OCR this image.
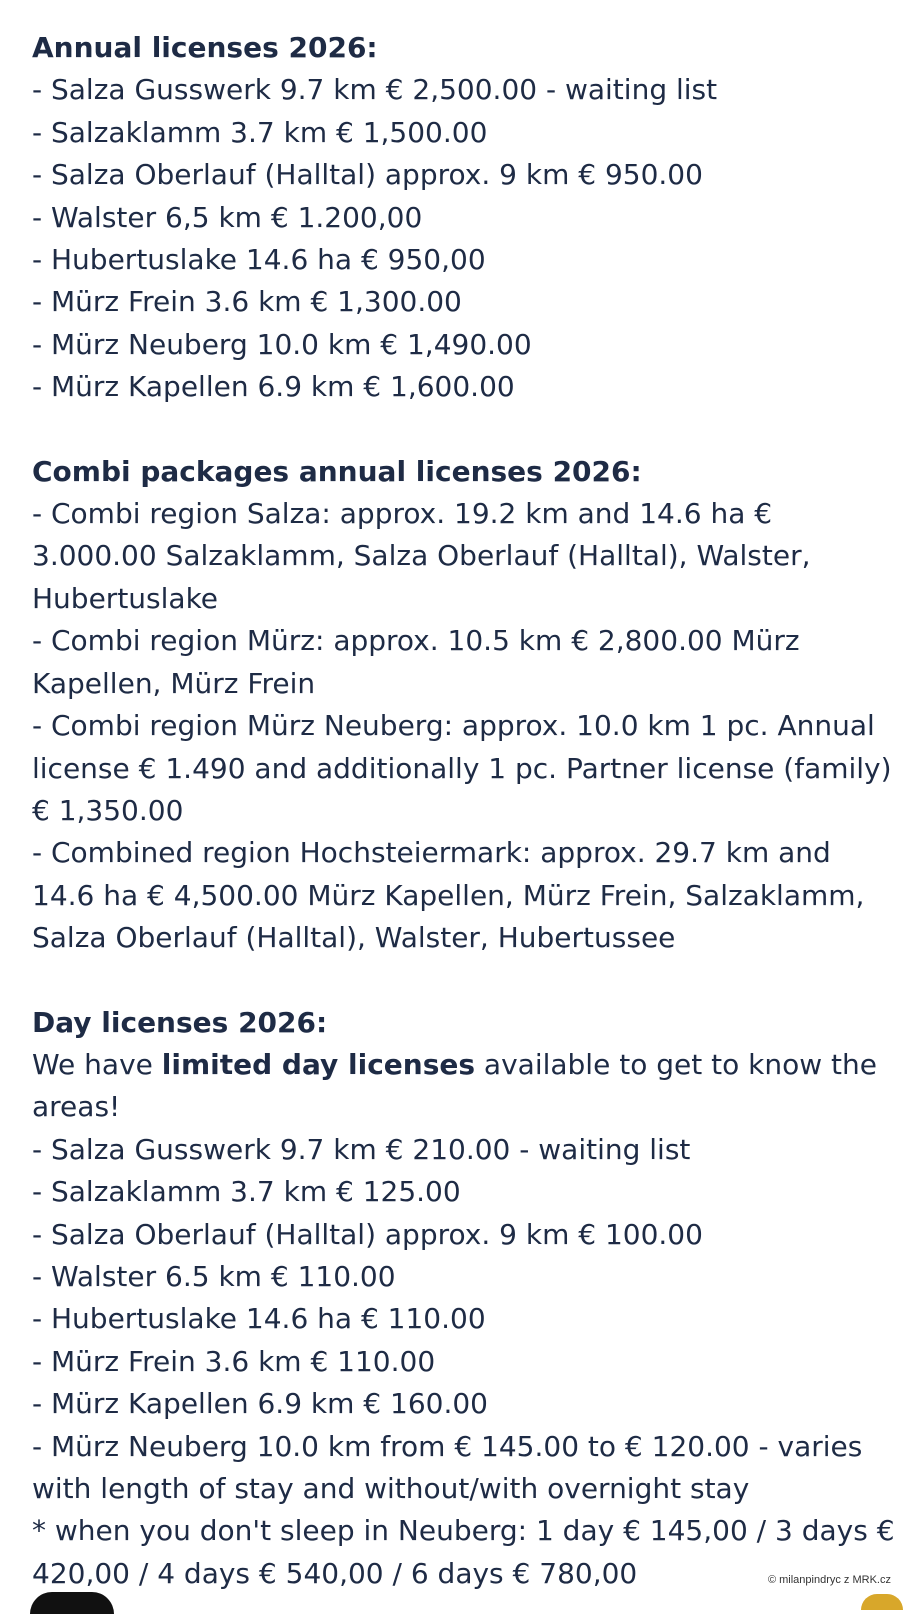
Annual licenses 2026:
- Salza Gusswerk 9.7 km € 2,500.00 - waiting list
- Salzaklamm 3.7 km € 1,500.00
- Salza Oberlauf (Halltal) approx. 9 km € 950.00
- Walster 6,5 km € 1.200,00
- Hubertuslake 14.6 ha € 950,00
- Mürz Frein 3.6 km € 1,300.00
- Mürz Neuberg 10.0 km € 1,490.00
- Mürz Kapellen 6.9 km € 1,600.00
Combi packages annual licenses 2026:
- Combi region Salza: approx. 19.2 km and 14.6 ha € 3.000.00 Salzaklamm, Salza Oberlauf (Halltal), Walster, Hubertuslake
- Combi region Mürz: approx. 10.5 km € 2,800.00 Mürz Kapellen, Mürz Frein
- Combi region Mürz Neuberg: approx. 10.0 km 1 pc. Annual license € 1.490 and additionally 1 pc. Partner license (family) € 1,350.00
- Combined region Hochsteiermark: approx. 29.7 km and 14.6 ha € 4,500.00 Mürz Kapellen, Mürz Frein, Salzaklamm, Salza Oberlauf (Halltal), Walster, Hubertussee
Day licenses 2026:
We have limited day licenses available to get to know the areas!
- Salza Gusswerk 9.7 km € 210.00 - waiting list
- Salzaklamm 3.7 km € 125.00
- Salza Oberlauf (Halltal) approx. 9 km € 100.00
- Walster 6.5 km € 110.00
- Hubertuslake 14.6 ha € 110.00
- Mürz Frein 3.6 km € 110.00
- Mürz Kapellen 6.9 km € 160.00
- Mürz Neuberg 10.0 km from € 145.00 to € 120.00 - varies with length of stay and without/with overnight stay
* when you don't sleep in Neuberg: 1 day € 145,00 / 3 days € 420,00 / 4 days € 540,00 / 6 days € 780,00	© milanpindryc z MRK.cz
